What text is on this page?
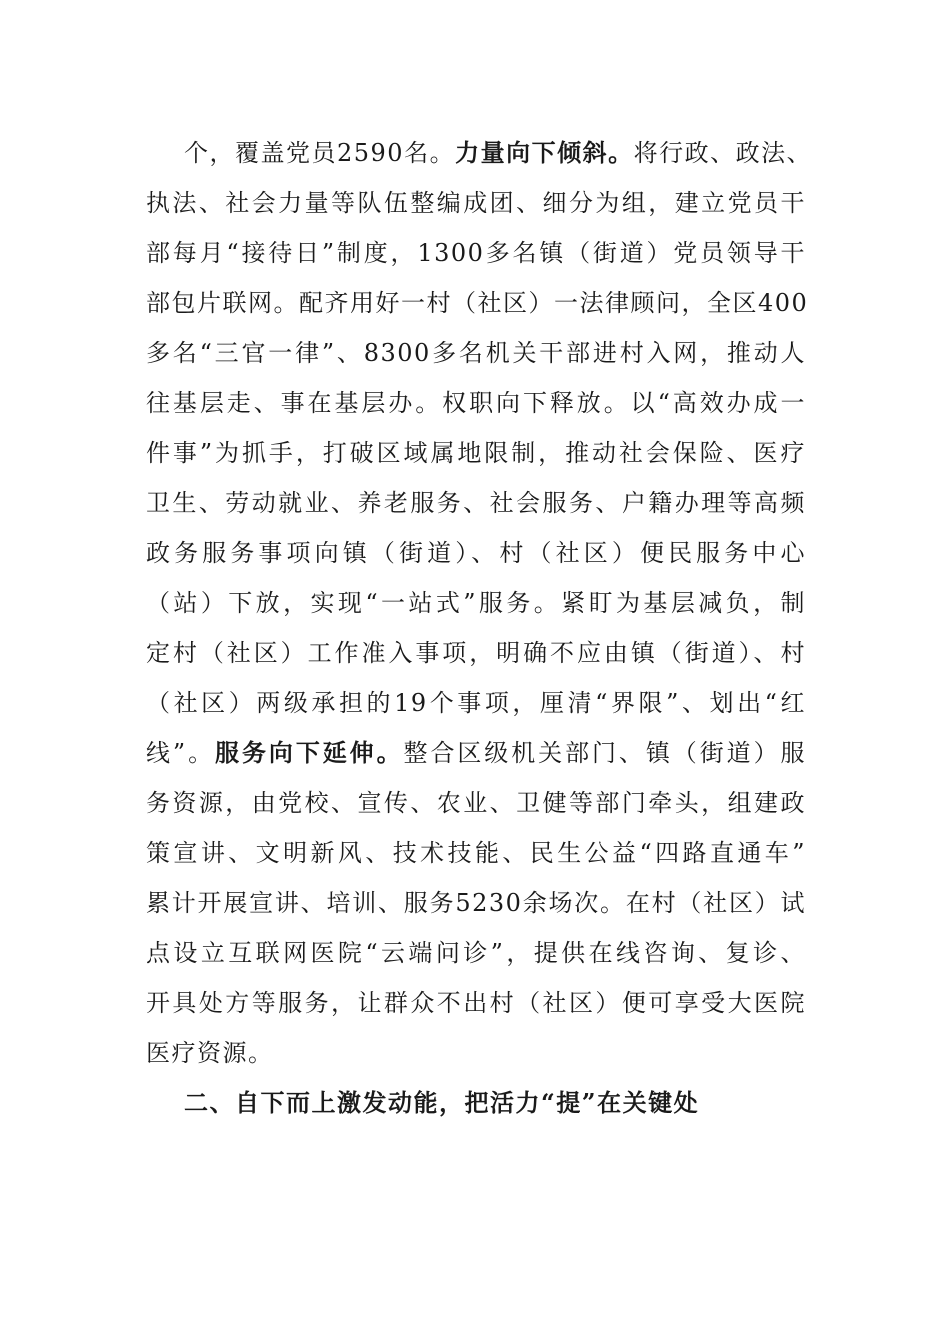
个，覆盖党员2590名。力量向下倾斜。将行政、政法、
执法、社会力量等队伍整编成团、细分为组，建立党员干
部每月“接待日”制度，1300多名镇（街道）党员领导干
部包片联网。配齐用好一村（社区）一法律顾问，全区400
多名“三官一律”、8300多名机关干部进村入网，推动人
往基层走、事在基层办。权职向下释放。以“高效办成一
件事”为抓手，打破区域属地限制，推动社会保险、医疗
卫生、劳动就业、养老服务、社会服务、户籍办理等高频
政务服务事项向镇（街道）、村（社区）便民服务中心
（站）下放，实现“一站式”服务。紧盯为基层减负，制
定村（社区）工作准入事项，明确不应由镇（街道）、村
（社区）两级承担的19个事项，厘清“界限”、划出“红
线”。服务向下延伸。整合区级机关部门、镇（街道）服
务资源，由党校、宣传、农业、卫健等部门牵头，组建政
策宣讲、文明新风、技术技能、民生公益“四路直通车”
累计开展宣讲、培训、服务5230余场次。在村（社区）试
点设立互联网医院“云端问诊”，提供在线咨询、复诊、
开具处方等服务，让群众不出村（社区）便可享受大医院
医疗资源。
二、自下而上激发动能，把活力“提”在关键处
